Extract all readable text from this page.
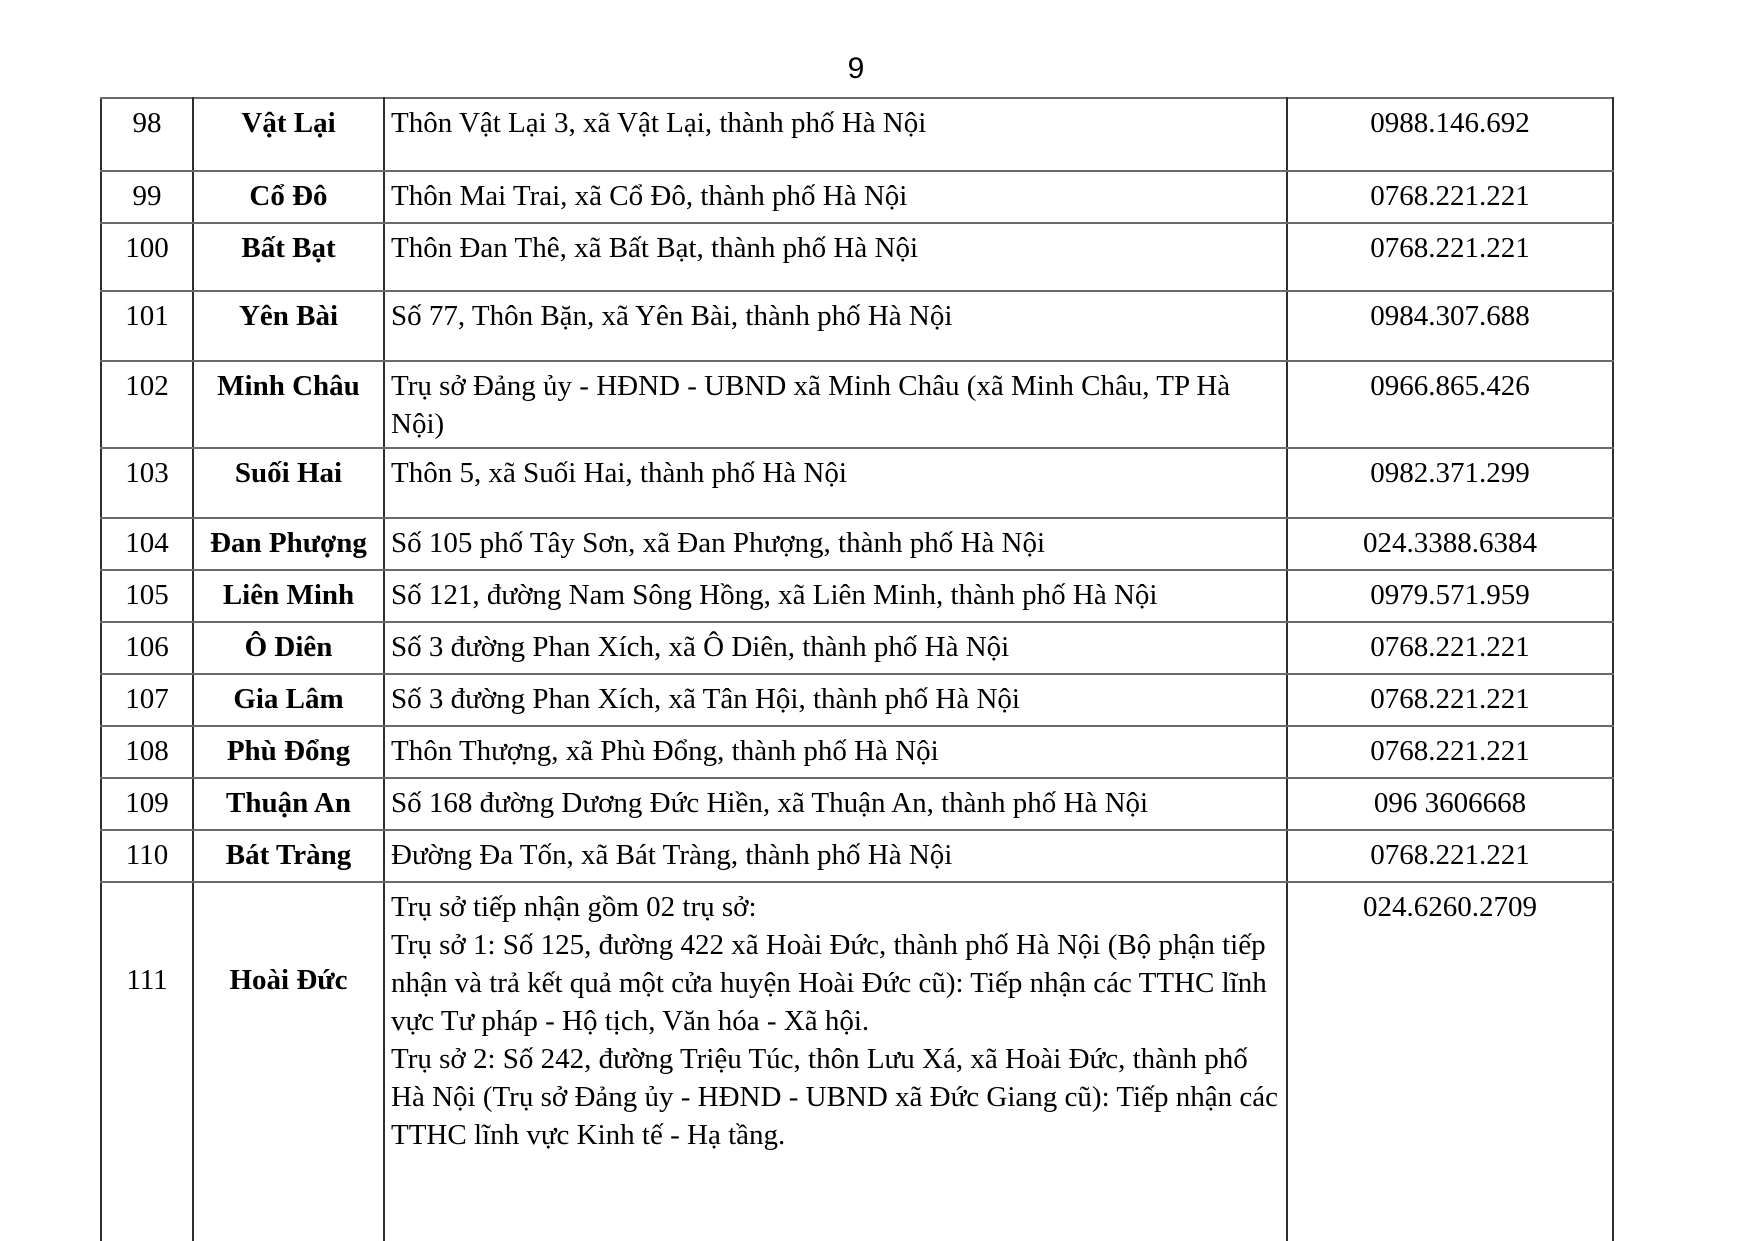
9
98	Vật Lại	Thôn Vật Lại 3, xã Vật Lại, thành phố Hà Nội	0988.146.692
99	Cổ Đô	Thôn Mai Trai, xã Cổ Đô, thành phố Hà Nội	0768.221.221
100	Bất Bạt	Thôn Đan Thê, xã Bất Bạt, thành phố Hà Nội	0768.221.221
101	Yên Bài	Số 77, Thôn Bặn, xã Yên Bài, thành phố Hà Nội	0984.307.688
102	Minh Châu	Trụ sở Đảng ủy - HĐND - UBND xã Minh Châu (xã Minh Châu, TP Hà Nội)	0966.865.426
103	Suối Hai	Thôn 5, xã Suối Hai, thành phố Hà Nội	0982.371.299
104	Đan Phượng	Số 105 phố Tây Sơn, xã Đan Phượng, thành phố Hà Nội	024.3388.6384
105	Liên Minh	Số 121, đường Nam Sông Hồng, xã Liên Minh, thành phố Hà Nội	0979.571.959
106	Ô Diên	Số 3 đường Phan Xích, xã Ô Diên, thành phố Hà Nội	0768.221.221
107	Gia Lâm	Số 3 đường Phan Xích, xã Tân Hội, thành phố Hà Nội	0768.221.221
108	Phù Đổng	Thôn Thượng, xã Phù Đổng, thành phố Hà Nội	0768.221.221
109	Thuận An	Số 168 đường Dương Đức Hiền, xã Thuận An, thành phố Hà Nội	096 3606668
110	Bát Tràng	Đường Đa Tốn, xã Bát Tràng, thành phố Hà Nội	0768.221.221
111	Hoài Đức	Trụ sở tiếp nhận gồm 02 trụ sở:
Trụ sở 1: Số 125, đường 422 xã Hoài Đức, thành phố Hà Nội (Bộ phận tiếp nhận và trả kết quả một cửa huyện Hoài Đức cũ): Tiếp nhận các TTHC lĩnh vực Tư pháp - Hộ tịch, Văn hóa - Xã hội.
Trụ sở 2: Số 242, đường Triệu Túc, thôn Lưu Xá, xã Hoài Đức, thành phố Hà Nội (Trụ sở Đảng ủy - HĐND - UBND xã Đức Giang cũ): Tiếp nhận các TTHC lĩnh vực Kinh tế - Hạ tầng.	024.6260.2709
